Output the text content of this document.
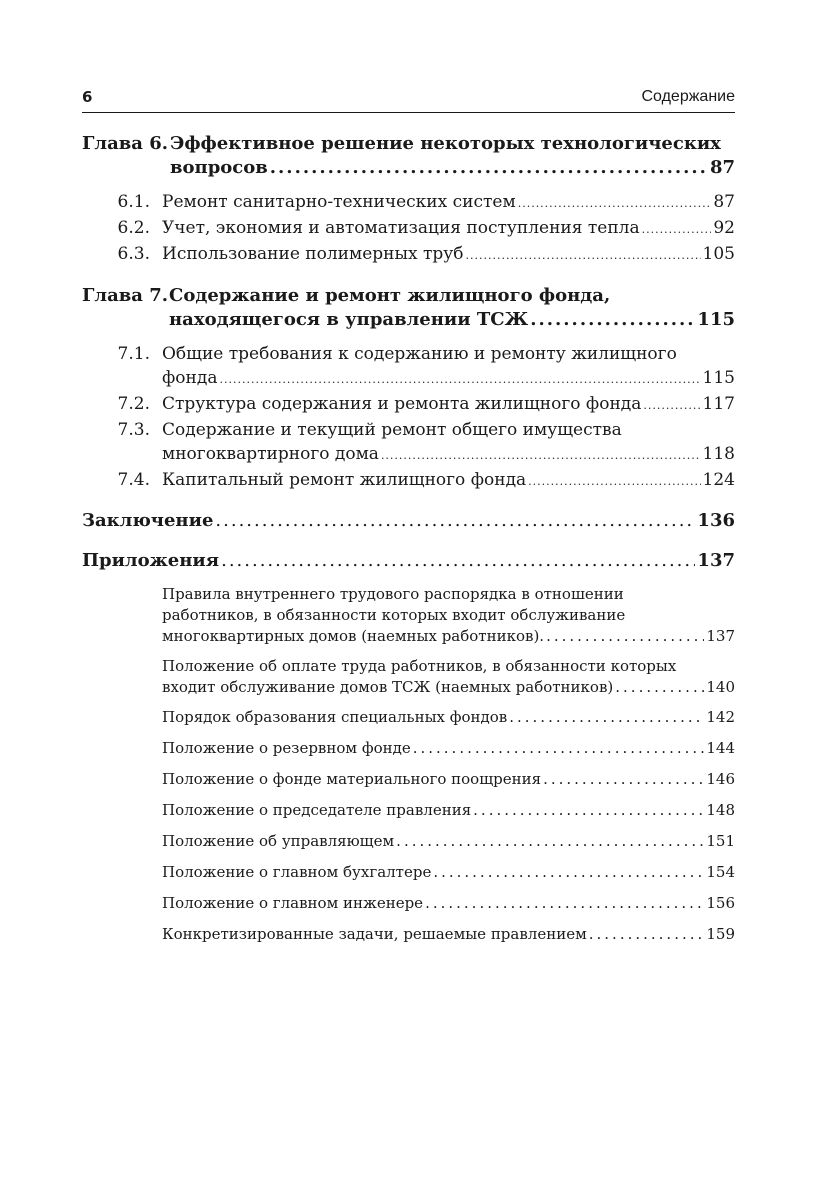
6	Содержание
Глава 6. Эффективное решение некоторых технологических
вопросов .....	87
6.1. Ремонт санитарно-технических систем .....	87
6.2. Учет, экономия и автоматизация поступления тепла .....	92
6.3. Использование полимерных труб .....	105
Глава 7. Содержание и ремонт жилищного фонда,
находящегося в управлении ТСЖ .....	115
7.1. Общие требования к содержанию и ремонту жилищного
фонда .....	115
7.2. Структура содержания и ремонта жилищного фонда .....	117
7.3. Содержание и текущий ремонт общего имущества
многоквартирного дома .....	118
7.4. Капитальный ремонт жилищного фонда .....	124
Заключение .....	136
Приложения .....	137
Правила внутреннего трудового распорядка в отношении
работников, в обязанности которых входит обслуживание
многоквартирных домов (наемных работников). .....	137
Положение об оплате труда работников, в обязанности которых
входит обслуживание домов ТСЖ (наемных работников) .....	140
Порядок образования специальных фондов .....	142
Положение о резервном фонде .....	144
Положение о фонде материального поощрения .....	146
Положение о председателе правления .....	148
Положение об управляющем .....	151
Положение о главном бухгалтере .....	154
Положение о главном инженере .....	156
Конкретизированные задачи, решаемые правлением .....	159
